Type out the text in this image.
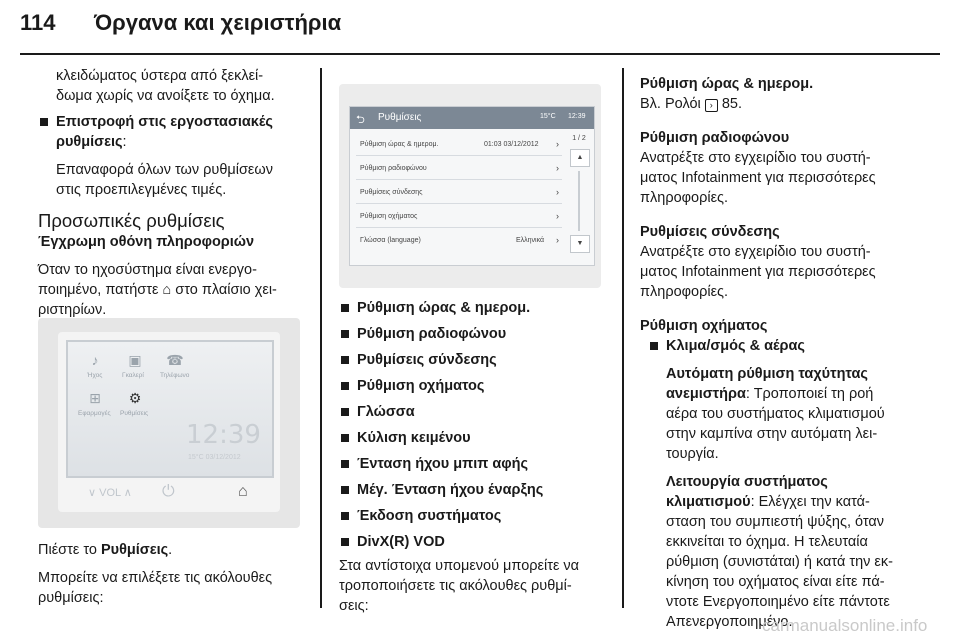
114 Όργανα και χειριστήρια

κλειδώματος ύστερα από ξεκλεί-
δωμα χωρίς να ανοίξετε το όχημα.

Επιστροφή στις εργοστασιακές
ρυθμίσεις:

Επαναφορά όλων των ρυθμίσεων
στις προεπιλεγμένες τιμές.

Προσωπικές ρυθμίσεις

Έγχρωμη οθόνη πληροφοριών

Όταν το ηχοσύστημα είναι ενεργο-
ποιημένο, πατήστε ⌂ στο πλαίσιο χει-
ριστηρίων.

♪
Ήχος
▣
Γκαλερί
☎
Τηλέφωνο
⊞
Εφαρμογές
⚙
Ρυθμίσεις
12:39
15°C 03/12/2012
∨ VOL ∧ ⏻	⌂

Πιέστε το Ρυθμίσεις.

Μπορείτε να επιλέξετε τις ακόλουθες
ρυθμίσεις:

⮌ Ρυθμίσεις	15°C 12:39
Ρύθμιση ώρας & ημερομ.	01:03 03/12/2012 ›
Ρύθμιση ραδιοφώνου	›
Ρυθμίσεις σύνδεσης	›
Ρύθμιση οχήματος	›
Γλώσσα (language)	Ελληνικά ›
1 / 2
▲
▼
Ρύθμιση ώρας & ημερομ.
Ρύθμιση ραδιοφώνου
Ρυθμίσεις σύνδεσης
Ρύθμιση οχήματος
Γλώσσα
Κύλιση κειμένου
Ένταση ήχου μπιπ αφής
Μέγ. Ένταση ήχου έναρξης
Έκδοση συστήματος
DivX(R) VOD

Στα αντίστοιχα υπομενού μπορείτε να
τροποποιήσετε τις ακόλουθες ρυθμί-
σεις:

Ρύθμιση ώρας & ημερομ.

Βλ. Ρολόι › 85.

Ρύθμιση ραδιοφώνου

Ανατρέξτε στο εγχειρίδιο του συστή-
ματος Infotainment για περισσότερες
πληροφορίες.

Ρυθμίσεις σύνδεσης

Ανατρέξτε στο εγχειρίδιο του συστή-
ματος Infotainment για περισσότερες
πληροφορίες.

Ρύθμιση οχήματος

Κλιμα/σμός & αέρας

Αυτόματη ρύθμιση ταχύτητας
ανεμιστήρα: Τροποποιεί τη ροή
αέρα του συστήματος κλιματισμού
στην καμπίνα στην αυτόματη λει-
τουργία.

Λειτουργία συστήματος
κλιματισμού: Ελέγχει την κατά-
σταση του συμπιεστή ψύξης, όταν
εκκινείται το όχημα. Η τελευταία
ρύθμιση (συνιστάται) ή κατά την εκ-
κίνηση του οχήματος είναι είτε πά-
ντοτε Ενεργοποιημένο είτε πάντοτε
Απενεργοποιημένο.

carmanualsonline.info
